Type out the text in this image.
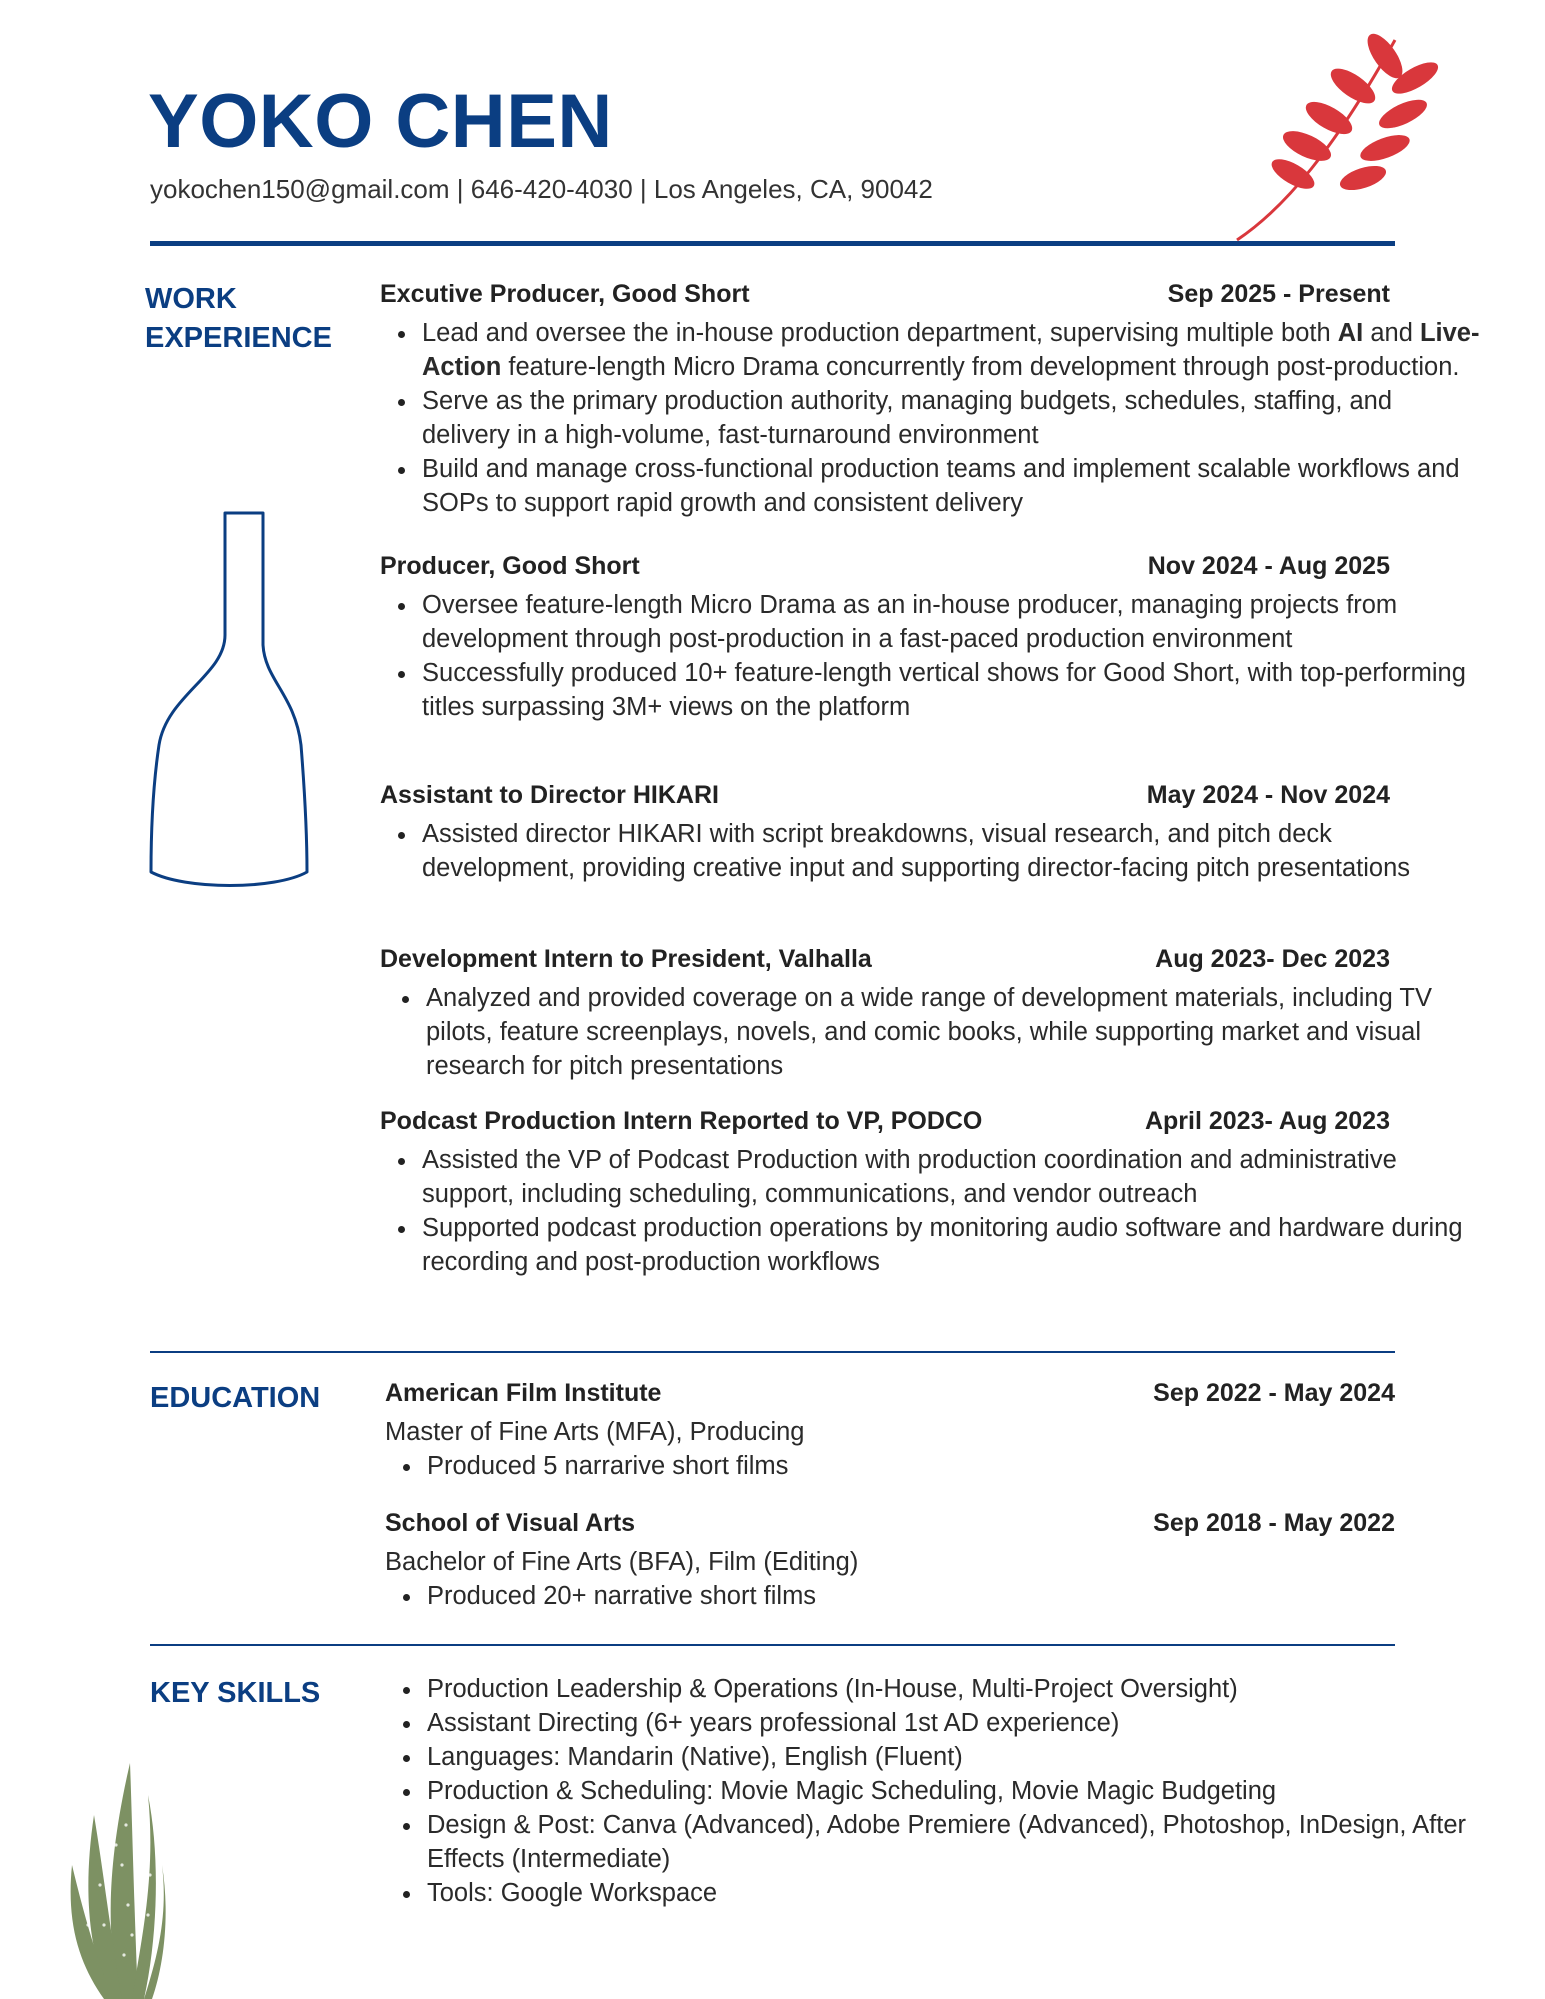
YOKO CHEN
yokochen150@gmail.com | 646-420-4030 | Los Angeles, CA, 90042
WORK
EXPERIENCE
Excutive Producer, Good Short	Sep 2025 - Present
Lead and oversee the in-house production department, supervising multiple both AI and Live-Action feature-length Micro Drama concurrently from development through post-production.
Serve as the primary production authority, managing budgets, schedules, staffing, and delivery in a high-volume, fast-turnaround environment
Build and manage cross-functional production teams and implement scalable workflows and SOPs to support rapid growth and consistent delivery
Producer, Good Short	Nov 2024 - Aug 2025
Oversee feature-length Micro Drama as an in-house producer, managing projects from development through post-production in a fast-paced production environment
Successfully produced 10+ feature-length vertical shows for Good Short, with top-performing titles surpassing 3M+ views on the platform
Assistant to Director HIKARI	May 2024 - Nov 2024
Assisted director HIKARI with script breakdowns, visual research, and pitch deck development, providing creative input and supporting director-facing pitch presentations
Development Intern to President, Valhalla	Aug 2023- Dec 2023
Analyzed and provided coverage on a wide range of development materials, including TV pilots, feature screenplays, novels, and comic books, while supporting market and visual research for pitch presentations
Podcast Production Intern Reported to VP, PODCO	April 2023- Aug 2023
Assisted the VP of Podcast Production with production coordination and administrative support, including scheduling, communications, and vendor outreach
Supported podcast production operations by monitoring audio software and hardware during recording and post-production workflows
EDUCATION	American Film Institute	Sep 2022 - May 2024
Master of Fine Arts (MFA), Producing
Produced 5 narrarive short films
School of Visual Arts	Sep 2018 - May 2022
Bachelor of Fine Arts (BFA), Film (Editing)
Produced 20+ narrative short films
KEY SKILLS	Production Leadership & Operations (In-House, Multi-Project Oversight)
Assistant Directing (6+ years professional 1st AD experience)
Languages: Mandarin (Native), English (Fluent)
Production & Scheduling: Movie Magic Scheduling, Movie Magic Budgeting
Design & Post: Canva (Advanced), Adobe Premiere (Advanced), Photoshop, InDesign, After Effects (Intermediate)
Tools: Google Workspace
